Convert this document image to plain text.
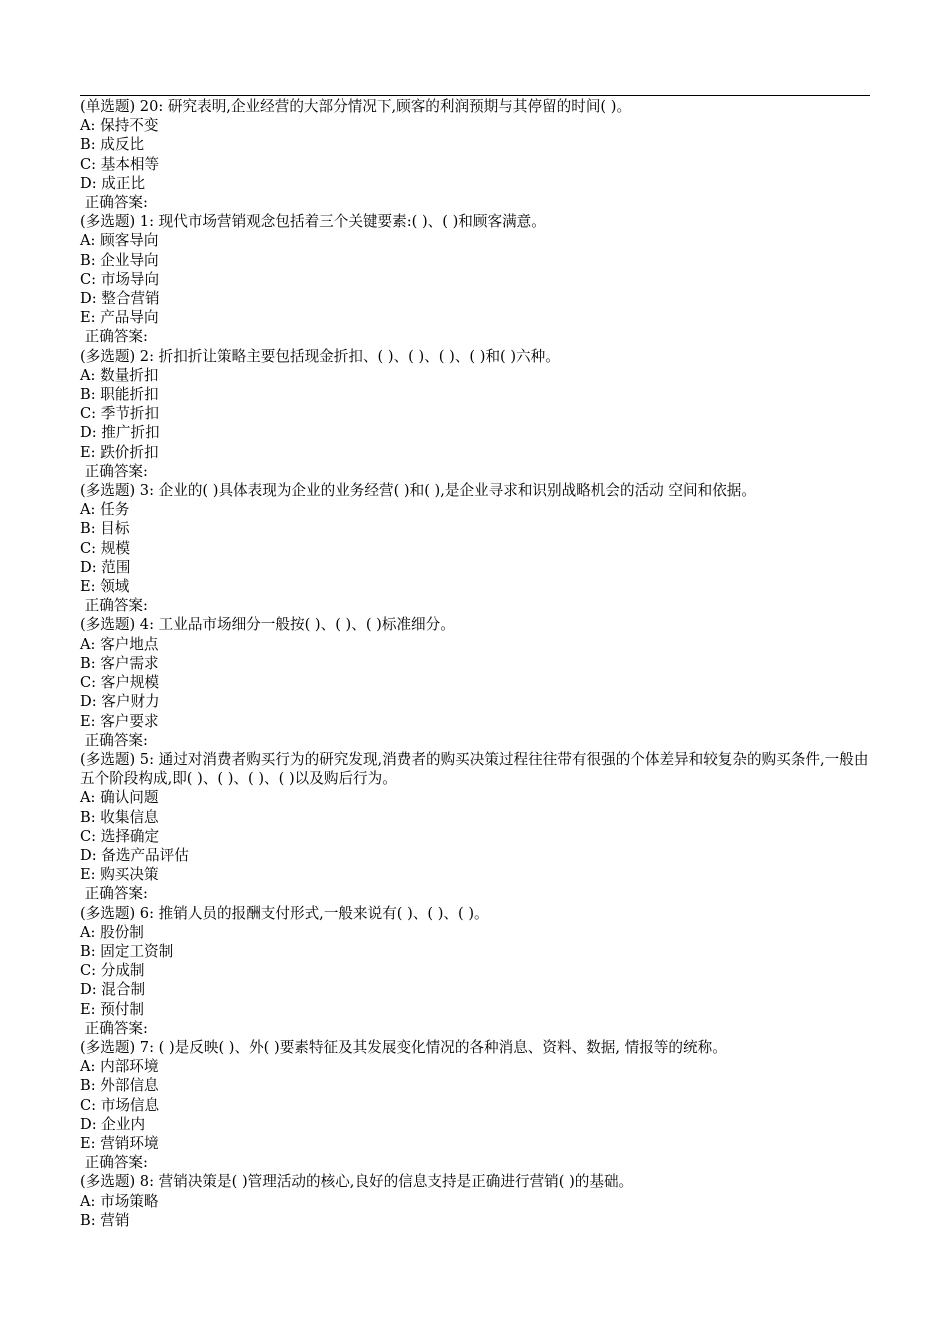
(单选题) 20: 研究表明,企业经营的大部分情况下,顾客的利润预期与其停留的时间( )。
A: 保持不变
B: 成反比
C: 基本相等
D: 成正比
正确答案:
(多选题) 1: 现代市场营销观念包括着三个关键要素:( )、( )和顾客满意。
A: 顾客导向
B: 企业导向
C: 市场导向
D: 整合营销
E: 产品导向
正确答案:
(多选题) 2: 折扣折让策略主要包括现金折扣、( )、( )、( )、( )和( )六种。
A: 数量折扣
B: 职能折扣
C: 季节折扣
D: 推广折扣
E: 跌价折扣
正确答案:
(多选题) 3: 企业的( )具体表现为企业的业务经营( )和( ),是企业寻求和识别战略机会的活动 空间和依据。
A: 任务
B: 目标
C: 规模
D: 范围
E: 领域
正确答案:
(多选题) 4: 工业品市场细分一般按( )、( )、( )标准细分。
A: 客户地点
B: 客户需求
C: 客户规模
D: 客户财力
E: 客户要求
正确答案:
(多选题) 5: 通过对消费者购买行为的研究发现,消费者的购买决策过程往往带有很强的个体差异和较复杂的购买条件,一般由五个阶段构成,即( )、( )、( )、( )以及购后行为。
A: 确认问题
B: 收集信息
C: 选择确定
D: 备选产品评估
E: 购买决策
正确答案:
(多选题) 6: 推销人员的报酬支付形式,一般来说有( )、( )、( )。
A: 股份制
B: 固定工资制
C: 分成制
D: 混合制
E: 预付制
正确答案:
(多选题) 7: ( )是反映( )、外( )要素特征及其发展变化情况的各种消息、资料、数据, 情报等的统称。
A: 内部环境
B: 外部信息
C: 市场信息
D: 企业内
E: 营销环境
正确答案:
(多选题) 8: 营销决策是( )管理活动的核心,良好的信息支持是正确进行营销( )的基础。
A: 市场策略
B: 营销
